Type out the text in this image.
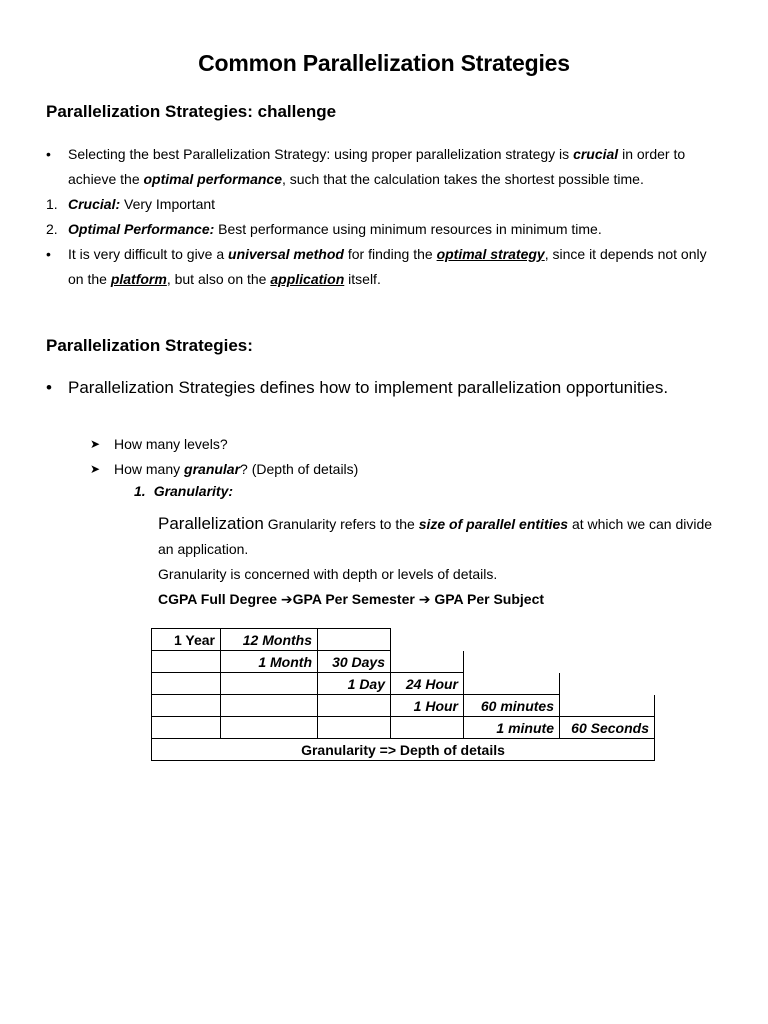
Common Parallelization Strategies
Parallelization Strategies: challenge
•
Selecting the best Parallelization Strategy: using proper parallelization strategy is crucial in order to achieve the optimal performance, such that the calculation takes the shortest possible time.
1. Crucial: Very Important
2. Optimal Performance: Best performance using minimum resources in minimum time.
•
It is very difficult to give a universal method for finding the optimal strategy, since it depends not only on the platform, but also on the application itself.
Parallelization Strategies:
•
Parallelization Strategies defines how to implement parallelization opportunities.
➤ How many levels?
➤ How many granular? (Depth of details)
1. Granularity:
Parallelization Granularity refers to the size of parallel entities at which we can divide an application.
Granularity is concerned with depth or levels of details.
CGPA Full Degree ➔GPA Per Semester ➔ GPA Per Subject
1 Year	12 Months				
	1 Month	30 Days			
		1 Day	24 Hour		
			1 Hour	60 minutes	
				1 minute	60 Seconds
Granularity => Depth of details					
